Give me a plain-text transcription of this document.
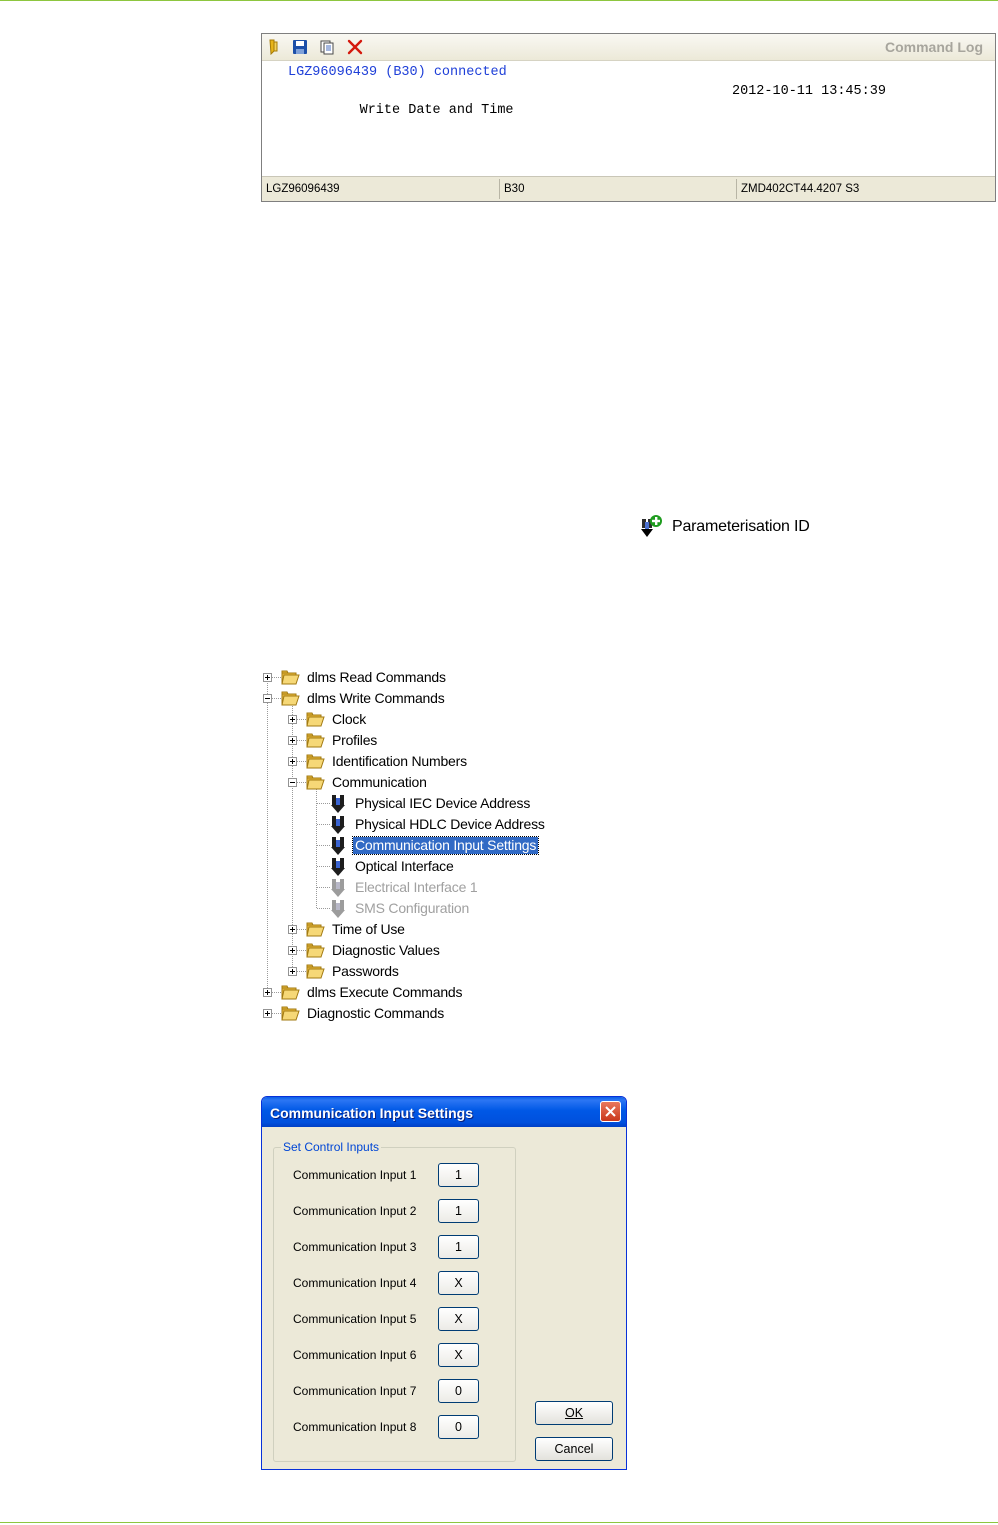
Command Log
LGZ96096439 (B30) connected

Write Date and Time

2012-10-11 13:45:39

LGZ96096439	B30	ZMD402CT44.4207 S3
Parameterisation ID
dlms Read Commands
dlms Write Commands
Clock
Profiles
Identification Numbers
Communication
Physical IEC Device Address
Physical HDLC Device Address
Communication Input Settings
Optical Interface
Electrical Interface 1
SMS Configuration
Time of Use
Diagnostic Values
Passwords
dlms Execute Commands
Diagnostic Commands
Communication Input Settings
Set Control Inputs
Communication Input 1	1
Communication Input 2	1
Communication Input 3	1
Communication Input 4	X
Communication Input 5	X
Communication Input 6	X
Communication Input 7	0
Communication Input 8	0
OK
Cancel
